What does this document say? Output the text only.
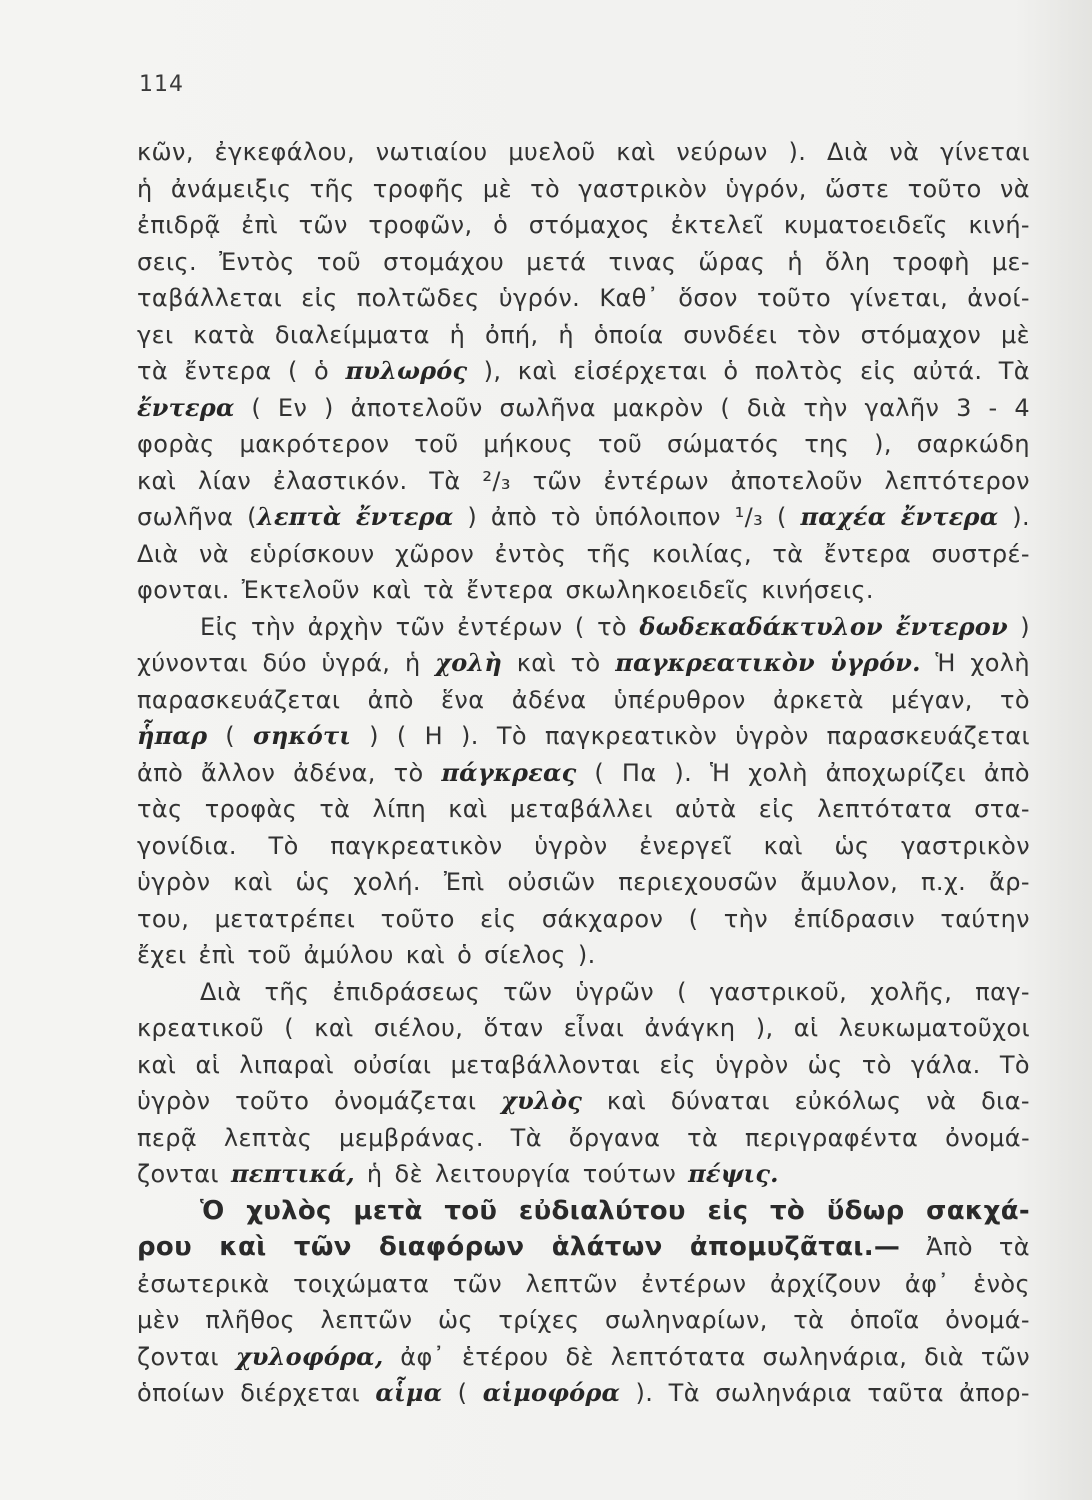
114
κῶν, ἐγκεφάλου, νωτιαίου μυελοῦ καὶ νεύρων ). Διὰ νὰ γίνεται
ἡ ἀνάμειξις τῆς τροφῆς μὲ τὸ γαστρικὸν ὑγρόν, ὥστε τοῦτο νὰ
ἐπιδρᾷ ἐπὶ τῶν τροφῶν, ὁ στόμαχος ἐκτελεῖ κυματοειδεῖς κινή-
σεις. Ἐντὸς τοῦ στομάχου μετά τινας ὥρας ἡ ὅλη τροφὴ με-
ταβάλλεται εἰς πολτῶδες ὑγρόν. Καθ᾽ ὅσον τοῦτο γίνεται, ἀνοί-
γει κατὰ διαλείμματα ἡ ὀπή, ἡ ὁποία συνδέει τὸν στόμαχον μὲ
τὰ ἔντερα ( ὁ πυλωρός ), καὶ εἰσέρχεται ὁ πολτὸς εἰς αὐτά. Τὰ
ἔντερα ( Εν ) ἀποτελοῦν σωλῆνα μακρὸν ( διὰ τὴν γαλῆν 3 - 4
φορὰς μακρότερον τοῦ μήκους τοῦ σώματός της ), σαρκώδη
καὶ λίαν ἐλαστικόν. Τὰ ²/₃ τῶν ἐντέρων ἀποτελοῦν λεπτότερον
σωλῆνα (λεπτὰ ἔντερα ) ἀπὸ τὸ ὑπόλοιπον ¹/₃ ( παχέα ἔντερα ).
Διὰ νὰ εὑρίσκουν χῶρον ἐντὸς τῆς κοιλίας, τὰ ἔντερα συστρέ-
φονται. Ἐκτελοῦν καὶ τὰ ἔντερα σκωληκοειδεῖς κινήσεις.
Εἰς τὴν ἀρχὴν τῶν ἐντέρων ( τὸ δωδεκαδάκτυλον ἔντερον )
χύνονται δύο ὑγρά, ἡ χολὴ καὶ τὸ παγκρεατικὸν ὑγρόν. Ἡ χολὴ
παρασκευάζεται ἀπὸ ἕνα ἀδένα ὑπέρυθρον ἀρκετὰ μέγαν, τὸ
ἧπαρ ( σηκότι ) ( Η ). Τὸ παγκρεατικὸν ὑγρὸν παρασκευάζεται
ἀπὸ ἄλλον ἀδένα, τὸ πάγκρεας ( Πα ). Ἡ χολὴ ἀποχωρίζει ἀπὸ
τὰς τροφὰς τὰ λίπη καὶ μεταβάλλει αὐτὰ εἰς λεπτότατα στα-
γονίδια. Τὸ παγκρεατικὸν ὑγρὸν ἐνεργεῖ καὶ ὡς γαστρικὸν
ὑγρὸν καὶ ὡς χολή. Ἐπὶ οὐσιῶν περιεχουσῶν ἄμυλον, π.χ. ἄρ-
του, μετατρέπει τοῦτο εἰς σάκχαρον ( τὴν ἐπίδρασιν ταύτην
ἔχει ἐπὶ τοῦ ἀμύλου καὶ ὁ σίελος ).
Διὰ τῆς ἐπιδράσεως τῶν ὑγρῶν ( γαστρικοῦ, χολῆς, παγ-
κρεατικοῦ ( καὶ σιέλου, ὅταν εἶναι ἀνάγκη ), αἱ λευκωματοῦχοι
καὶ αἱ λιπαραὶ οὐσίαι μεταβάλλονται εἰς ὑγρὸν ὡς τὸ γάλα. Τὸ
ὑγρὸν τοῦτο ὀνομάζεται χυλὸς καὶ δύναται εὐκόλως νὰ δια-
περᾷ λεπτὰς μεμβράνας. Τὰ ὄργανα τὰ περιγραφέντα ὀνομά-
ζονται πεπτικά, ἡ δὲ λειτουργία τούτων πέψις.
Ὁ χυλὸς μετὰ τοῦ εὐδιαλύτου εἰς τὸ ὕδωρ σακχά-
ρου καὶ τῶν διαφόρων ἁλάτων ἀπομυζᾶται.— Ἀπὸ τὰ
ἐσωτερικὰ τοιχώματα τῶν λεπτῶν ἐντέρων ἀρχίζουν ἀφ᾽ ἑνὸς
μὲν πλῆθος λεπτῶν ὡς τρίχες σωληναρίων, τὰ ὁποῖα ὀνομά-
ζονται χυλοφόρα, ἀφ᾽ ἑτέρου δὲ λεπτότατα σωληνάρια, διὰ τῶν
ὁποίων διέρχεται αἷμα ( αἱμοφόρα ). Τὰ σωληνάρια ταῦτα ἀπορ-
